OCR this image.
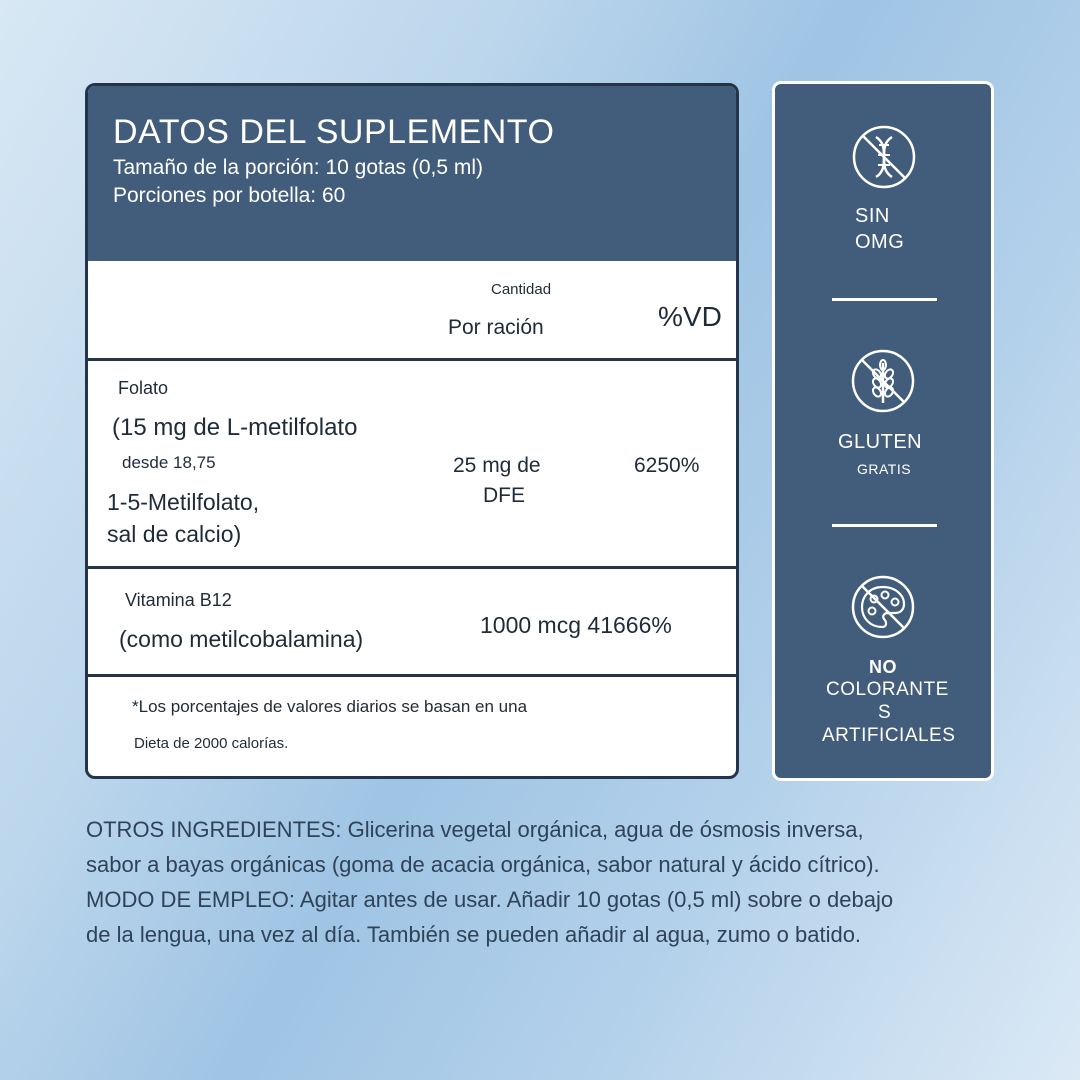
DATOS DEL SUPLEMENTO
Tamaño de la porción: 10 gotas (0,5 ml)
Porciones por botella: 60
Cantidad
Por ración	%VD
Folato
(15 mg de L-metilfolato
desde 18,75
1-5-Metilfolato,
sal de calcio)
25 mg de
DFE
6250%
Vitamina B12
(como metilcobalamina)
1000 mcg 41666%
*Los porcentajes de valores diarios se basan en una
Dieta de 2000 calorías.
SIN
OMG
GLUTEN
GRATIS
NO
COLORANTE
S
ARTIFICIALES

OTROS INGREDIENTES: Glicerina vegetal orgánica, agua de ósmosis inversa,

sabor a bayas orgánicas (goma de acacia orgánica, sabor natural y ácido cítrico).

MODO DE EMPLEO: Agitar antes de usar. Añadir 10 gotas (0,5 ml) sobre o debajo

de la lengua, una vez al día. También se pueden añadir al agua, zumo o batido.
